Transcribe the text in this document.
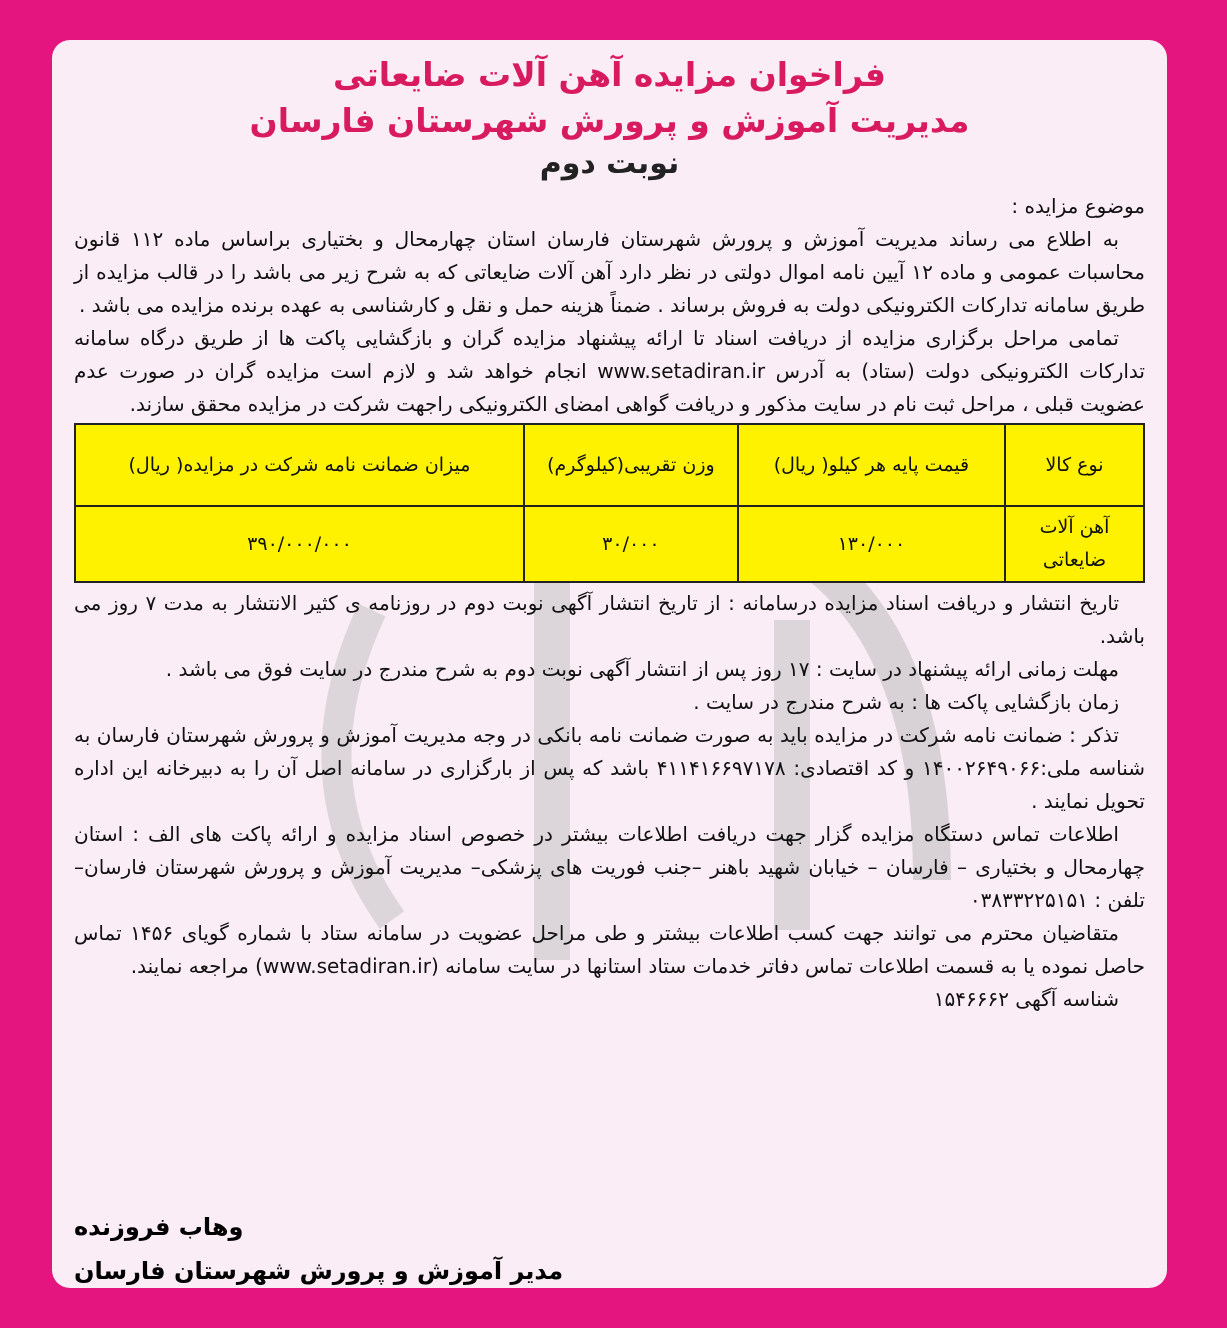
فراخوان مزایده آهن آلات ضایعاتی
مدیریت آموزش و پرورش شهرستان فارسان
نوبت دوم

موضوع مزایده :

به اطلاع می رساند مدیریت آموزش و پرورش شهرستان فارسان استان چهارمحال و بختیاری براساس ماده ۱۱۲ قانون محاسبات عمومی و ماده ۱۲ آیین نامه اموال دولتی در نظر دارد آهن آلات ضایعاتی که به شرح زیر می باشد را در قالب مزایده از طریق سامانه تدارکات الکترونیکی دولت به فروش برساند . ضمناً هزینه حمل و نقل و کارشناسی به عهده برنده مزایده می باشد .

تمامی مراحل برگزاری مزایده از دریافت اسناد تا ارائه پیشنهاد مزایده گران و بازگشایی پاکت ها از طریق درگاه سامانه تدارکات الکترونیکی دولت (ستاد) به آدرس www.setadiran.ir انجام خواهد شد و لازم است مزایده گران در صورت عدم عضویت قبلی ، مراحل ثبت نام در سایت مذکور و دریافت گواهی امضای الکترونیکی راجهت شرکت در مزایده محقق سازند.

نوع کالا	قیمت پایه هر کیلو( ریال)	وزن تقریبی(کیلوگرم)	میزان ضمانت نامه شرکت در مزایده( ریال)
آهن آلات ضایعاتی	۱۳۰/۰۰۰	۳۰/۰۰۰	۳۹۰/۰۰۰/۰۰۰

تاریخ انتشار و دریافت اسناد مزایده درسامانه : از تاریخ انتشار آگهی نوبت دوم در روزنامه ی کثیر الانتشار به مدت ۷ روز می باشد.

مهلت زمانی ارائه پیشنهاد در سایت : ۱۷ روز پس از انتشار آگهی نوبت دوم به شرح مندرج در سایت فوق می باشد .

زمان بازگشایی پاکت ها : به شرح مندرج در سایت .

تذکر : ضمانت نامه شرکت در مزایده باید به صورت ضمانت نامه بانکی در وجه مدیریت آموزش و پرورش شهرستان فارسان به شناسه ملی:۱۴۰۰۲۶۴۹۰۶۶ و کد اقتصادی: ۴۱۱۴۱۶۶۹۷۱۷۸ باشد که پس از بارگزاری در سامانه اصل آن را به دبیرخانه این اداره تحویل نمایند .

اطلاعات تماس دستگاه مزایده گزار جهت دریافت اطلاعات بیشتر در خصوص اسناد مزایده و ارائه پاکت های الف : استان چهارمحال و بختیاری – فارسان – خیابان شهید باهنر –جنب فوریت های پزشکی– مدیریت آموزش و پرورش شهرستان فارسان– تلفن : ۰۳۸۳۳۲۲۵۱۵۱

متقاضیان محترم می توانند جهت کسب اطلاعات بیشتر و طی مراحل عضویت در سامانه ستاد با شماره گویای ۱۴۵۶ تماس حاصل نموده یا به قسمت اطلاعات تماس دفاتر خدمات ستاد استانها در سایت سامانه (www.setadiran.ir) مراجعه نمایند.

شناسه آگهی ۱۵۴۶۶۶۲

وهاب فروزنده
مدیر آموزش و پرورش شهرستان فارسان
